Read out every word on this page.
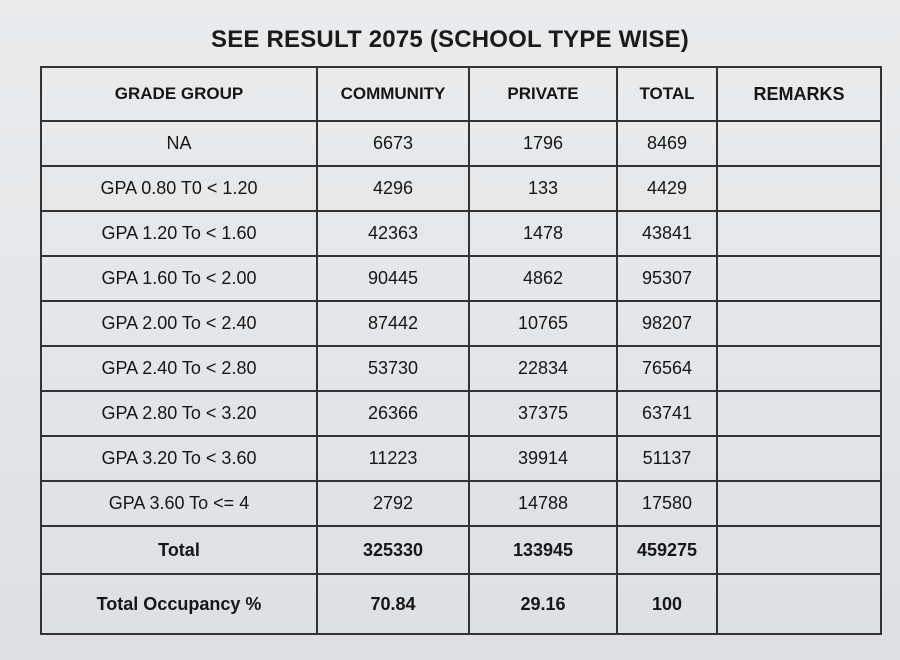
SEE RESULT 2075 (SCHOOL TYPE WISE)
GRADE GROUP	COMMUNITY	PRIVATE	TOTAL	REMARKS
NA	6673	1796	8469	
GPA 0.80 T0 < 1.20	4296	133	4429	
GPA 1.20 To < 1.60	42363	1478	43841	
GPA 1.60 To < 2.00	90445	4862	95307	
GPA 2.00 To < 2.40	87442	10765	98207	
GPA 2.40 To < 2.80	53730	22834	76564	
GPA 2.80 To < 3.20	26366	37375	63741	
GPA 3.20 To < 3.60	11223	39914	51137	
GPA 3.60 To <= 4	2792	14788	17580	
Total	325330	133945	459275	
Total Occupancy %	70.84	29.16	100	
